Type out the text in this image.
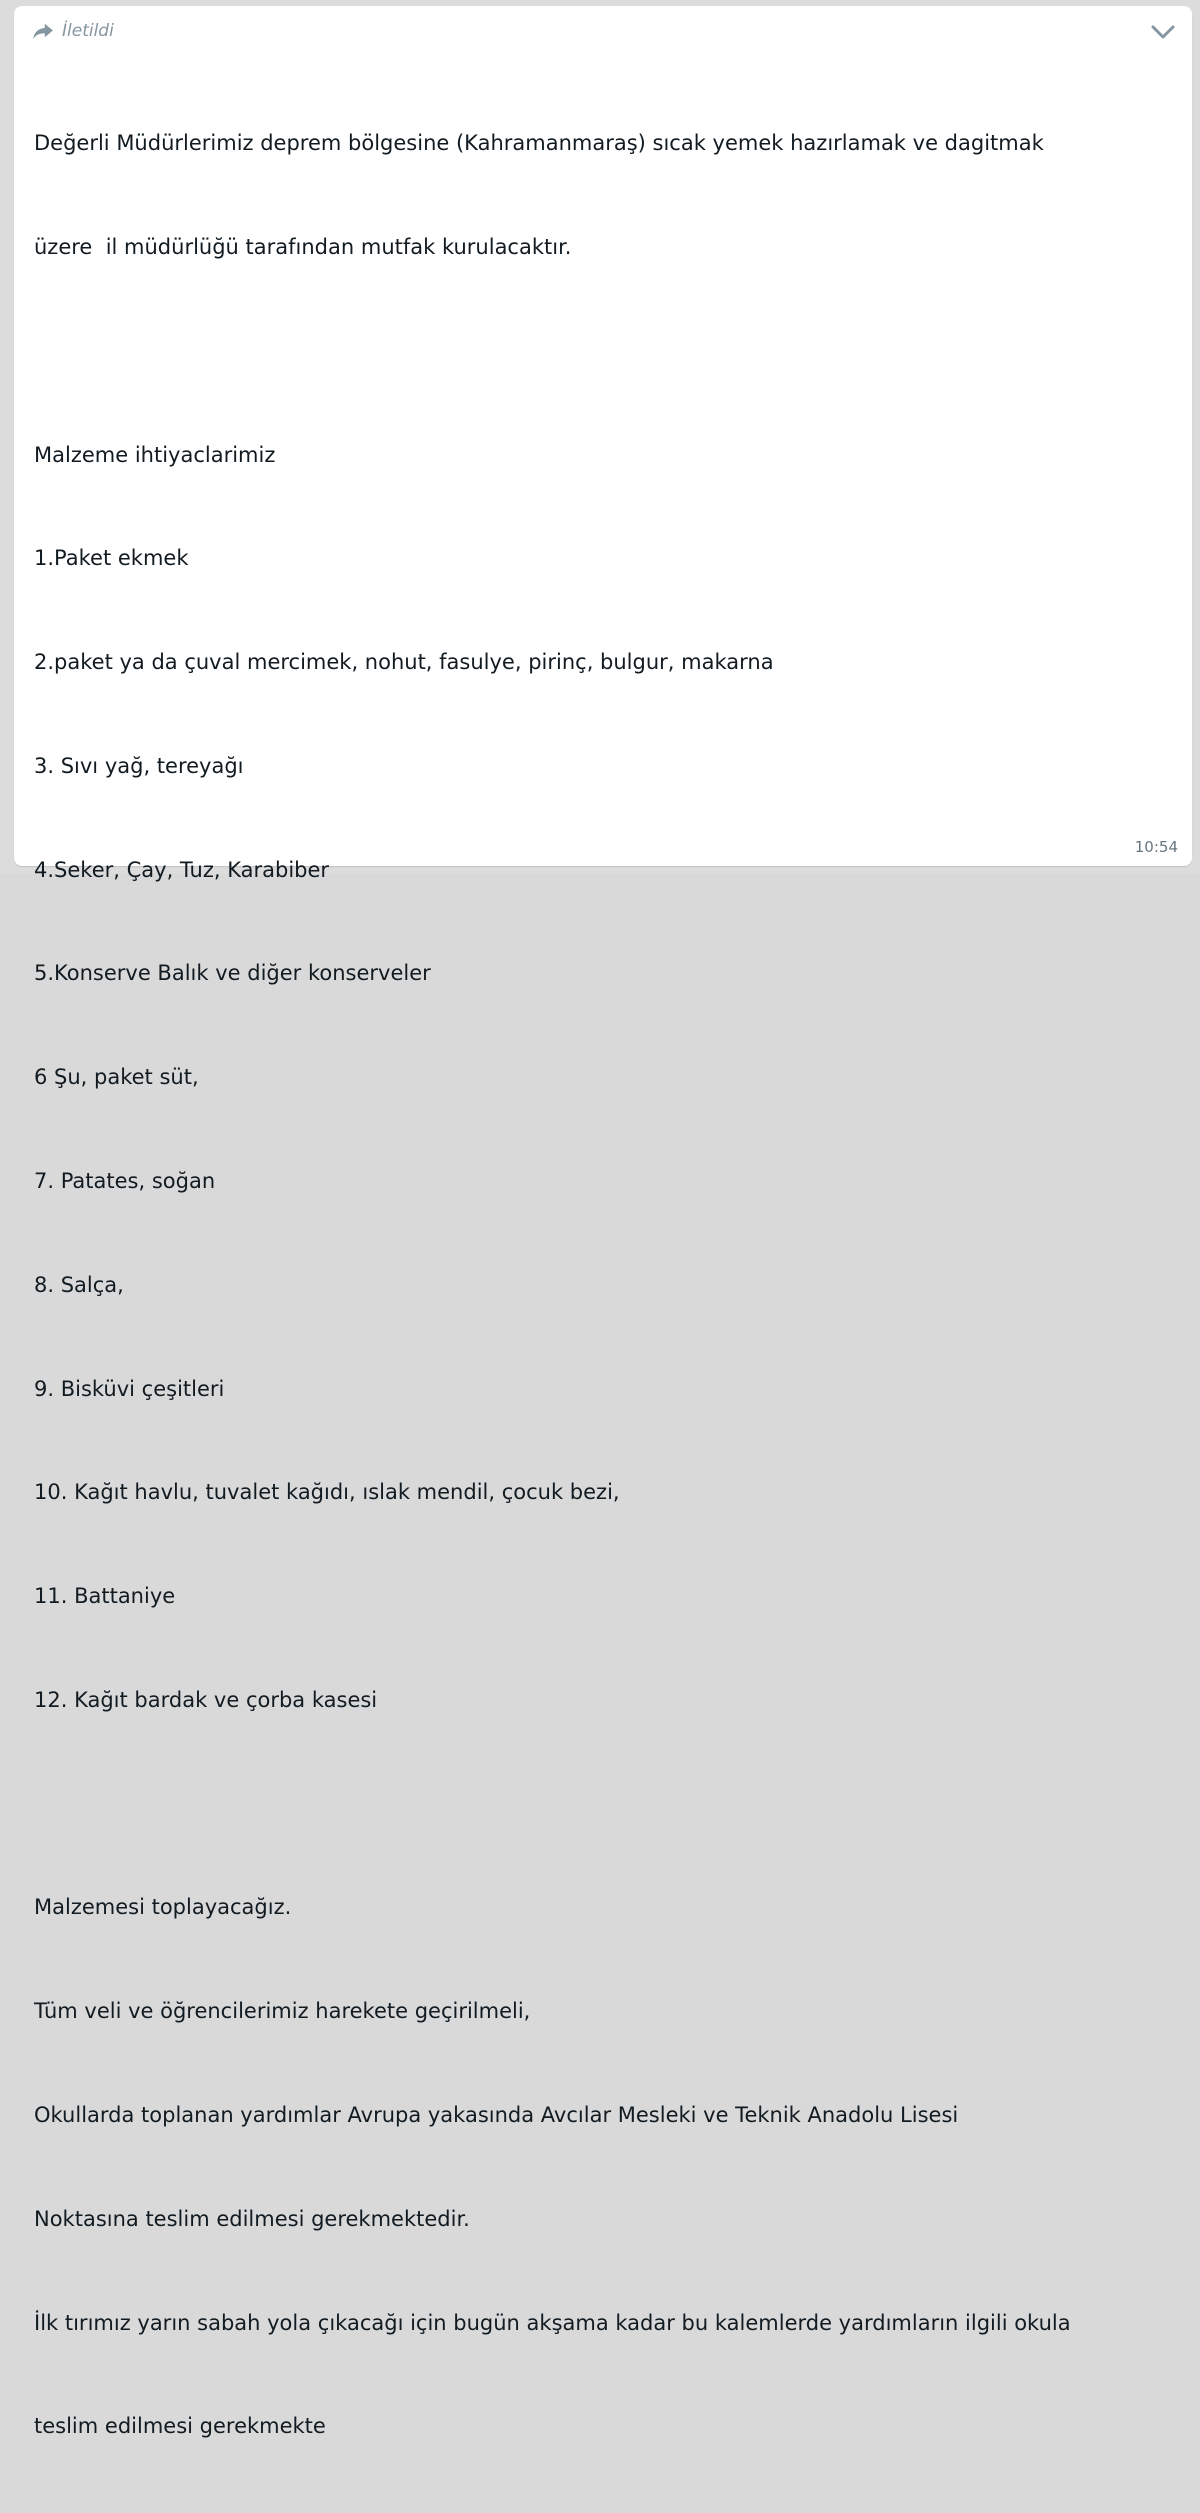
İletildi

Değerli Müdürlerimiz deprem bölgesine (Kahramanmaraş) sıcak yemek hazırlamak ve dagitmak

üzere  il müdürlüğü tarafından mutfak kurulacaktır.

Malzeme ihtiyaclarimiz

1.Paket ekmek

2.paket ya da çuval mercimek, nohut, fasulye, pirinç, bulgur, makarna

3. Sıvı yağ, tereyağı

4.Seker, Çay, Tuz, Karabiber

5.Konserve Balık ve diğer konserveler

6 Şu, paket süt,

7. Patates, soğan

8. Salça,

9. Bisküvi çeşitleri

10. Kağıt havlu, tuvalet kağıdı, ıslak mendil, çocuk bezi,

11. Battaniye

12. Kağıt bardak ve çorba kasesi

Malzemesi toplayacağız.

Tüm veli ve öğrencilerimiz harekete geçirilmeli,

Okullarda toplanan yardımlar Avrupa yakasında Avcılar Mesleki ve Teknik Anadolu Lisesi

Noktasına teslim edilmesi gerekmektedir.

İlk tırımız yarın sabah yola çıkacağı için bugün akşama kadar bu kalemlerde yardımların ilgili okula

teslim edilmesi gerekmekte

10:54
